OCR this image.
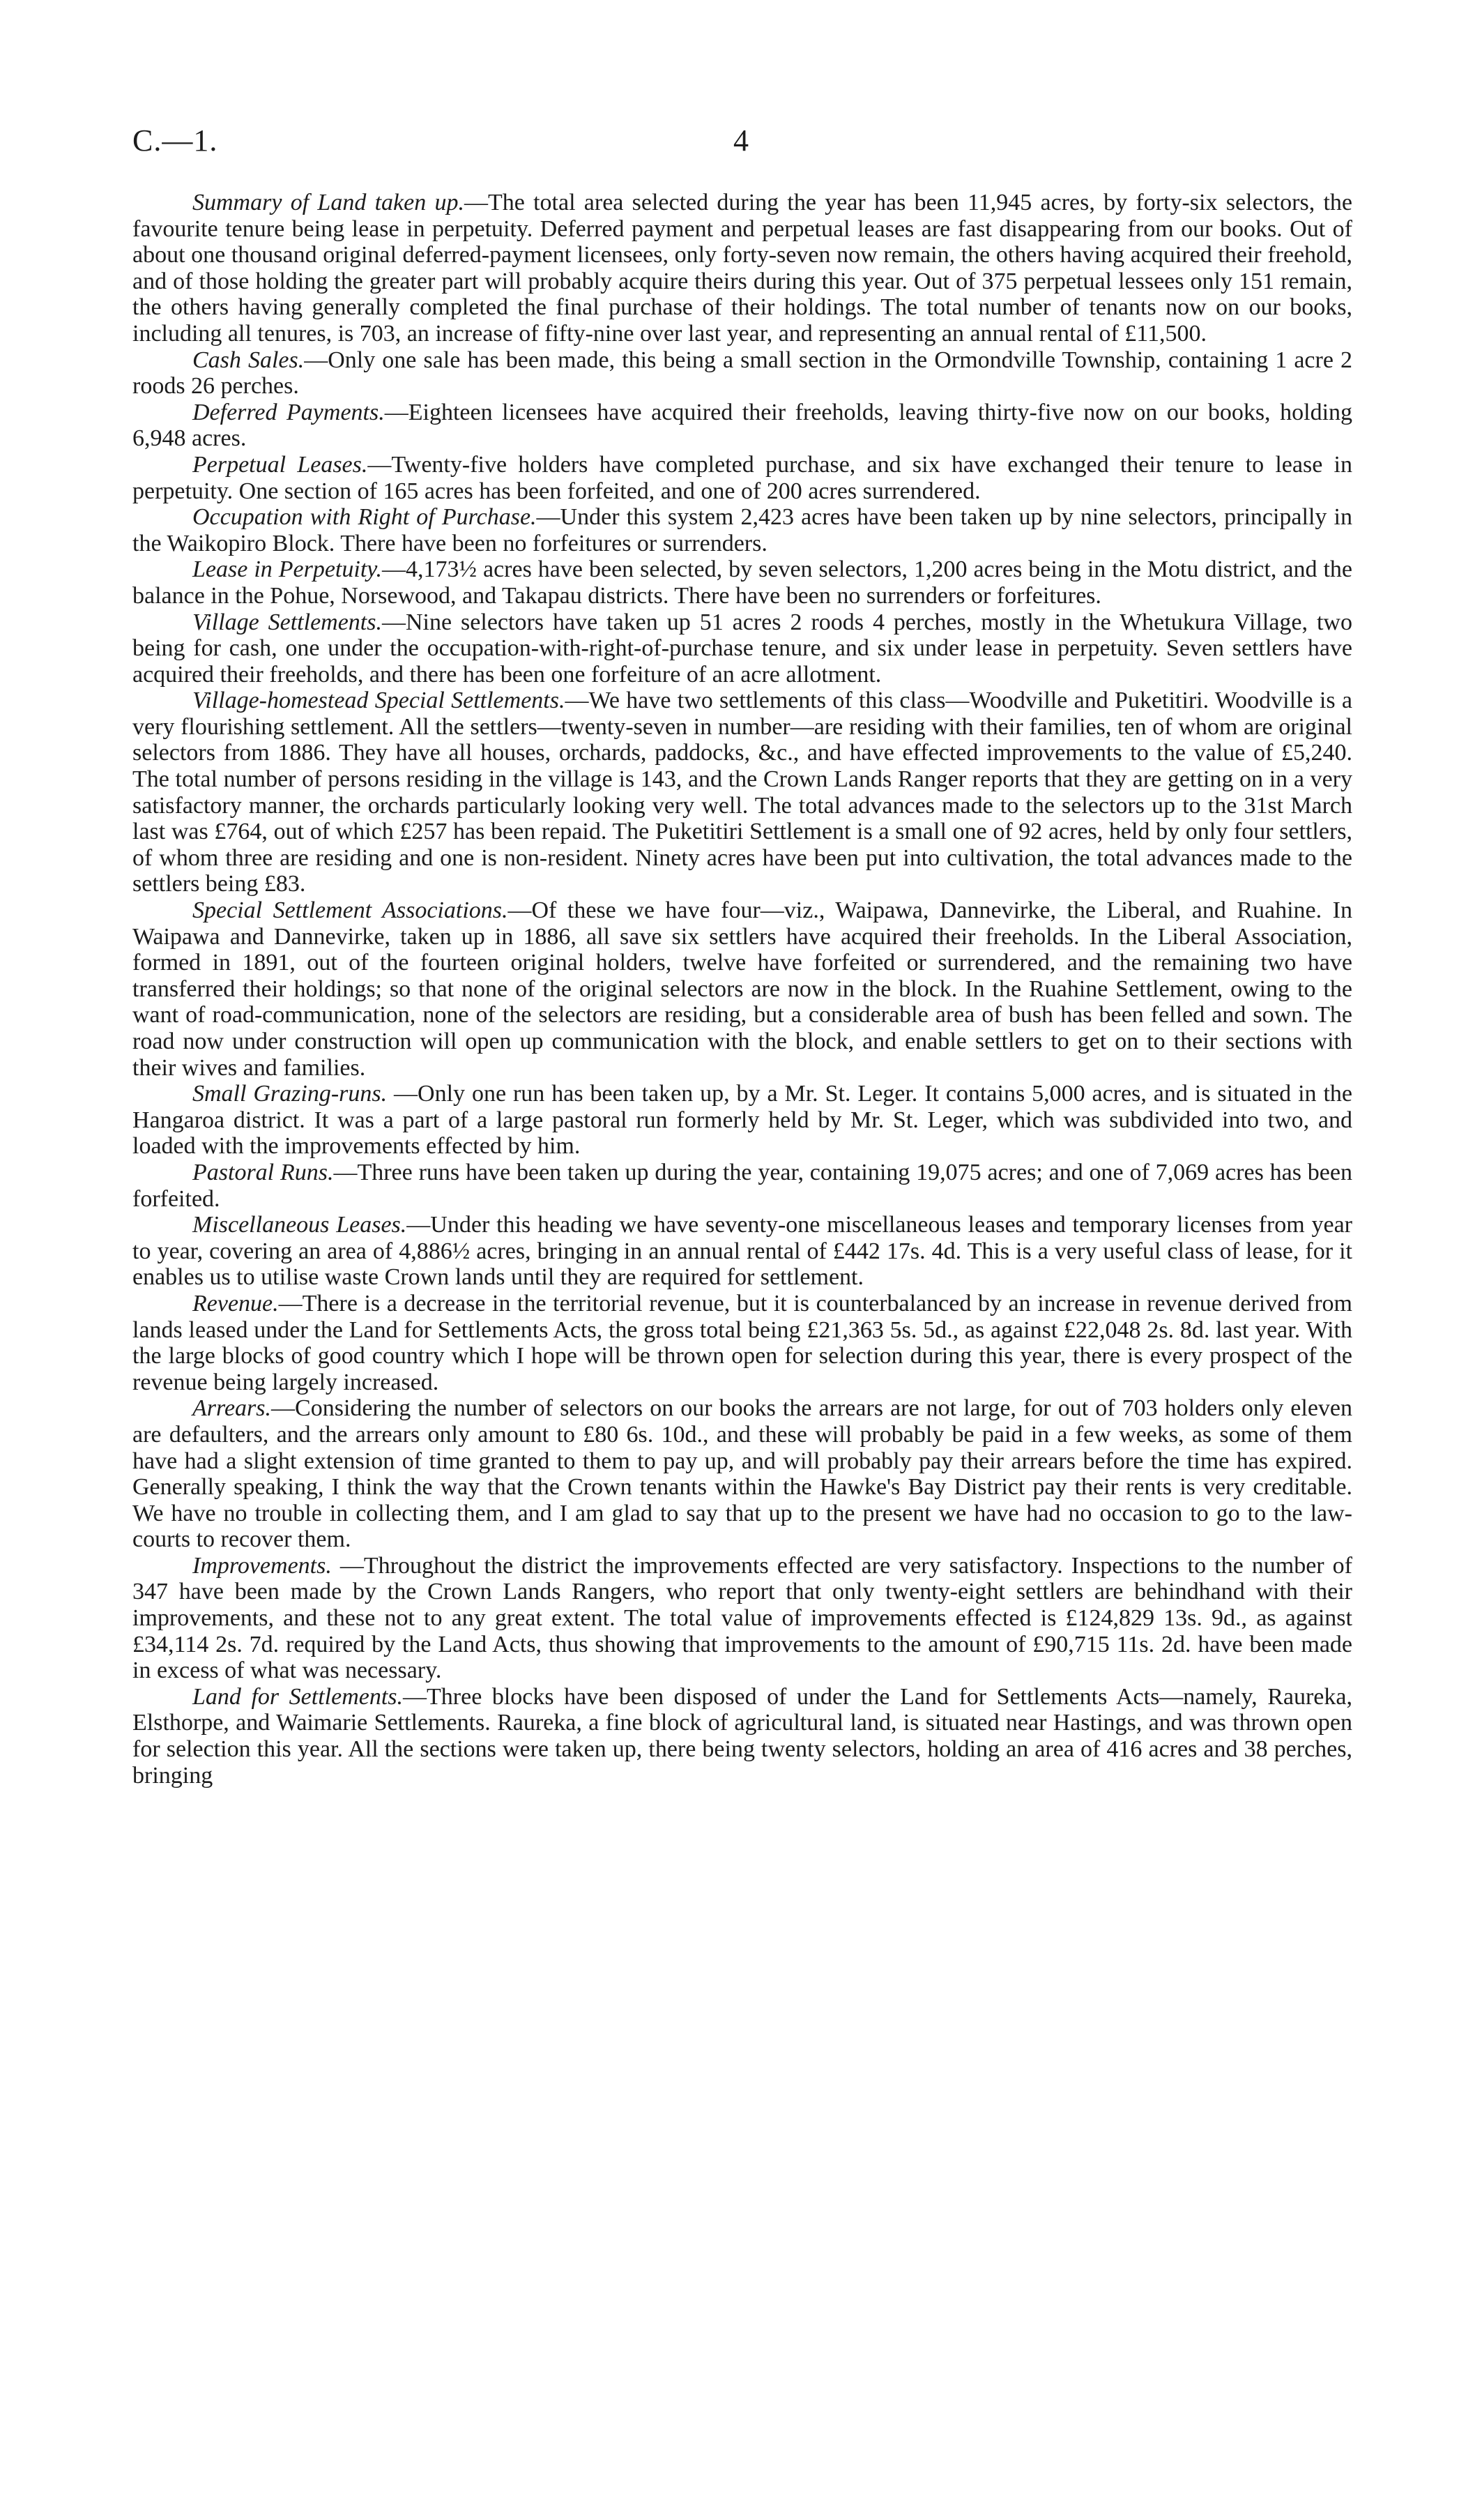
C.—1.	4

Summary of Land taken up.—The total area selected during the year has been 11,945 acres, by forty-six selectors, the favourite tenure being lease in perpetuity. Deferred payment and perpetual leases are fast disappearing from our books. Out of about one thousand original deferred-payment licensees, only forty-seven now remain, the others having acquired their freehold, and of those holding the greater part will probably acquire theirs during this year. Out of 375 perpetual lessees only 151 remain, the others having generally completed the final purchase of their holdings. The total number of tenants now on our books, including all tenures, is 703, an increase of fifty-nine over last year, and representing an annual rental of £11,500.

Cash Sales.—Only one sale has been made, this being a small section in the Ormondville Township, containing 1 acre 2 roods 26 perches.

Deferred Payments.—Eighteen licensees have acquired their freeholds, leaving thirty-five now on our books, holding 6,948 acres.

Perpetual Leases.—Twenty-five holders have completed purchase, and six have exchanged their tenure to lease in perpetuity. One section of 165 acres has been forfeited, and one of 200 acres surrendered.

Occupation with Right of Purchase.—Under this system 2,423 acres have been taken up by nine selectors, principally in the Waikopiro Block. There have been no forfeitures or surrenders.

Lease in Perpetuity.—4,173½ acres have been selected, by seven selectors, 1,200 acres being in the Motu district, and the balance in the Pohue, Norsewood, and Takapau districts. There have been no surrenders or forfeitures.

Village Settlements.—Nine selectors have taken up 51 acres 2 roods 4 perches, mostly in the Whetukura Village, two being for cash, one under the occupation-with-right-of-purchase tenure, and six under lease in perpetuity. Seven settlers have acquired their freeholds, and there has been one forfeiture of an acre allotment.

Village-homestead Special Settlements.—We have two settlements of this class—Woodville and Puketitiri. Woodville is a very flourishing settlement. All the settlers—twenty-seven in number—are residing with their families, ten of whom are original selectors from 1886. They have all houses, orchards, paddocks, &c., and have effected improvements to the value of £5,240. The total number of persons residing in the village is 143, and the Crown Lands Ranger reports that they are getting on in a very satisfactory manner, the orchards particularly looking very well. The total advances made to the selectors up to the 31st March last was £764, out of which £257 has been repaid. The Puketitiri Settlement is a small one of 92 acres, held by only four settlers, of whom three are residing and one is non-resident. Ninety acres have been put into cultivation, the total advances made to the settlers being £83.

Special Settlement Associations.—Of these we have four—viz., Waipawa, Dannevirke, the Liberal, and Ruahine. In Waipawa and Dannevirke, taken up in 1886, all save six settlers have acquired their freeholds. In the Liberal Association, formed in 1891, out of the fourteen original holders, twelve have forfeited or surrendered, and the remaining two have transferred their holdings; so that none of the original selectors are now in the block. In the Ruahine Settlement, owing to the want of road-communication, none of the selectors are residing, but a considerable area of bush has been felled and sown. The road now under construction will open up communication with the block, and enable settlers to get on to their sections with their wives and families.

Small Grazing-runs. —Only one run has been taken up, by a Mr. St. Leger. It contains 5,000 acres, and is situated in the Hangaroa district. It was a part of a large pastoral run formerly held by Mr. St. Leger, which was subdivided into two, and loaded with the improvements effected by him.

Pastoral Runs.—Three runs have been taken up during the year, containing 19,075 acres; and one of 7,069 acres has been forfeited.

Miscellaneous Leases.—Under this heading we have seventy-one miscellaneous leases and temporary licenses from year to year, covering an area of 4,886½ acres, bringing in an annual rental of £442 17s. 4d. This is a very useful class of lease, for it enables us to utilise waste Crown lands until they are required for settlement.

Revenue.—There is a decrease in the territorial revenue, but it is counterbalanced by an increase in revenue derived from lands leased under the Land for Settlements Acts, the gross total being £21,363 5s. 5d., as against £22,048 2s. 8d. last year. With the large blocks of good country which I hope will be thrown open for selection during this year, there is every prospect of the revenue being largely increased.

Arrears.—Considering the number of selectors on our books the arrears are not large, for out of 703 holders only eleven are defaulters, and the arrears only amount to £80 6s. 10d., and these will probably be paid in a few weeks, as some of them have had a slight extension of time granted to them to pay up, and will probably pay their arrears before the time has expired. Generally speaking, I think the way that the Crown tenants within the Hawke's Bay District pay their rents is very creditable. We have no trouble in collecting them, and I am glad to say that up to the present we have had no occasion to go to the law-courts to recover them.

Improvements. —Throughout the district the improvements effected are very satisfactory. Inspections to the number of 347 have been made by the Crown Lands Rangers, who report that only twenty-eight settlers are behindhand with their improvements, and these not to any great extent. The total value of improvements effected is £124,829 13s. 9d., as against £34,114 2s. 7d. required by the Land Acts, thus showing that improvements to the amount of £90,715 11s. 2d. have been made in excess of what was necessary.

Land for Settlements.—Three blocks have been disposed of under the Land for Settlements Acts—namely, Raureka, Elsthorpe, and Waimarie Settlements. Raureka, a fine block of agricultural land, is situated near Hastings, and was thrown open for selection this year. All the sections were taken up, there being twenty selectors, holding an area of 416 acres and 38 perches, bringing
